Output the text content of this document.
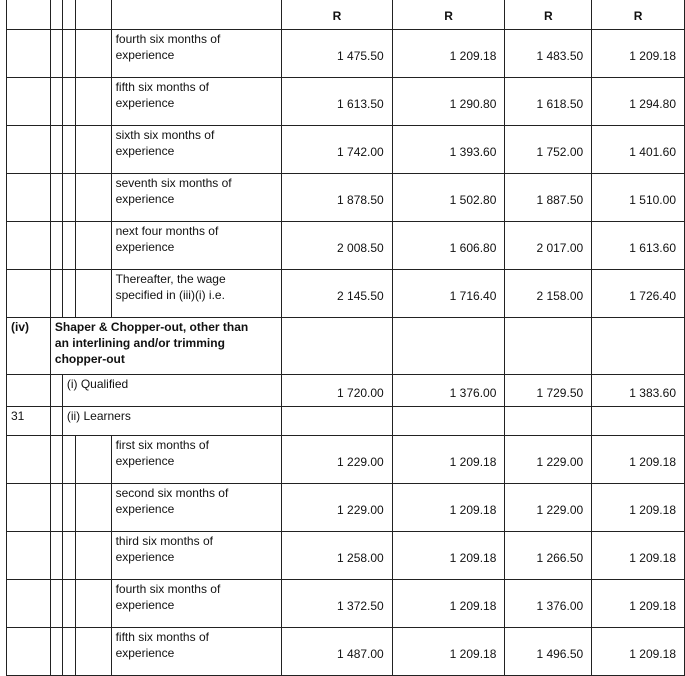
					R	R	R	R

				fourth six months of
experience	1 475.50	1 209.18	1 483.50	1 209.18

				fifth six months of
experience	1 613.50	1 290.80	1 618.50	1 294.80

				sixth six months of
experience	1 742.00	1 393.60	1 752.00	1 401.60

				seventh six months of
experience	1 878.50	1 502.80	1 887.50	1 510.00

				next four months of
experience	2 008.50	1 606.80	2 017.00	1 613.60

				Thereafter, the wage
specified in (iii)(i) i.e.	2 145.50	1 716.40	2 158.00	1 726.40
(iv)	Shaper & Chopper-out, other than
an interlining and/or trimming
chopper-out							

		(i) Qualified			1 720.00	1 376.00	1 729.50	1 383.60
31		(ii) Learners						

				first six months of
experience	1 229.00	1 209.18	1 229.00	1 209.18

				second six months of
experience	1 229.00	1 209.18	1 229.00	1 209.18

				third six months of
experience	1 258.00	1 209.18	1 266.50	1 209.18

				fourth six months of
experience	1 372.50	1 209.18	1 376.00	1 209.18

				fifth six months of
experience	1 487.00	1 209.18	1 496.50	1 209.18
